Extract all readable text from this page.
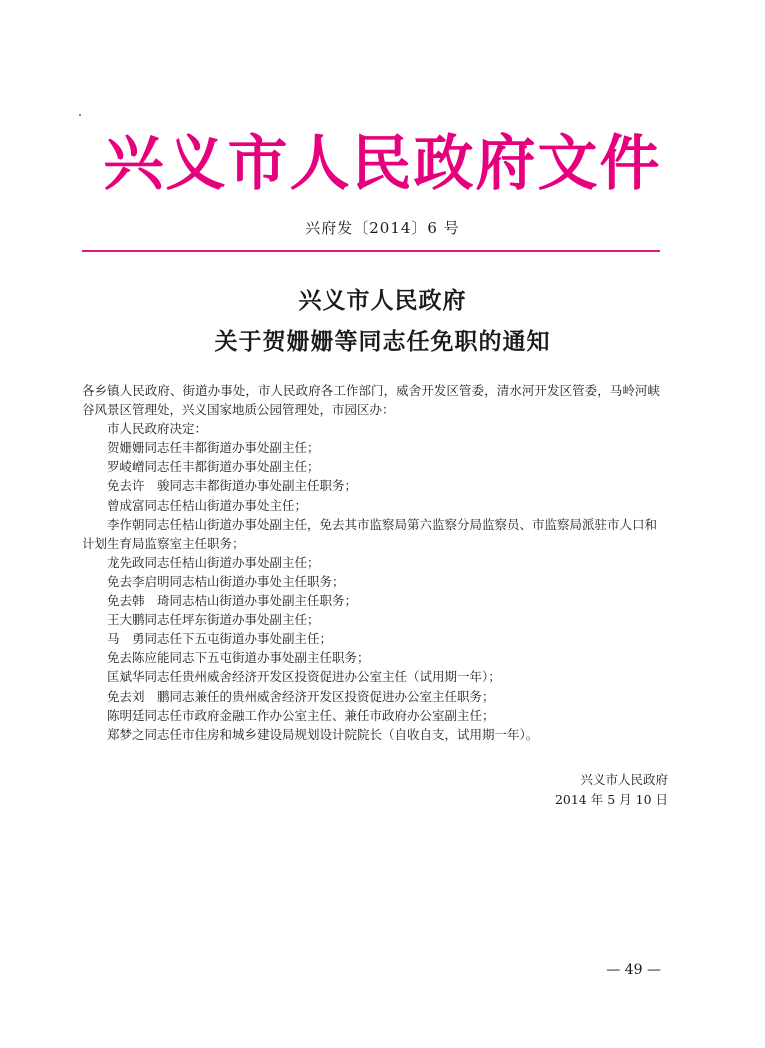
兴义市人民政府文件
兴府发〔2014〕6 号
兴义市人民政府
关于贺姗姗等同志任免职的通知

各乡镇人民政府、街道办事处，市人民政府各工作部门，威舍开发区管委，清水河开发区管委，马岭河峡谷风景区管理处，兴义国家地质公园管理处，市园区办：

市人民政府决定：

贺姗姗同志任丰都街道办事处副主任；

罗崚嶒同志任丰都街道办事处副主任；

免去许　骏同志丰都街道办事处副主任职务；

曾成富同志任桔山街道办事处主任；

李作朝同志任桔山街道办事处副主任，免去其市监察局第六监察分局监察员、市监察局派驻市人口和计划生育局监察室主任职务；

龙先政同志任桔山街道办事处副主任；

免去李启明同志桔山街道办事处主任职务；

免去韩　琦同志桔山街道办事处副主任职务；

王大鹏同志任坪东街道办事处副主任；

马　勇同志任下五屯街道办事处副主任；

免去陈应能同志下五屯街道办事处副主任职务；

匡斌华同志任贵州威舍经济开发区投资促进办公室主任（试用期一年）；

免去刘　鹏同志兼任的贵州威舍经济开发区投资促进办公室主任职务；

陈明廷同志任市政府金融工作办公室主任、兼任市政府办公室副主任；

郑梦之同志任市住房和城乡建设局规划设计院院长（自收自支，试用期一年）。

兴义市人民政府
2014 年 5 月 10 日
— 49 —
